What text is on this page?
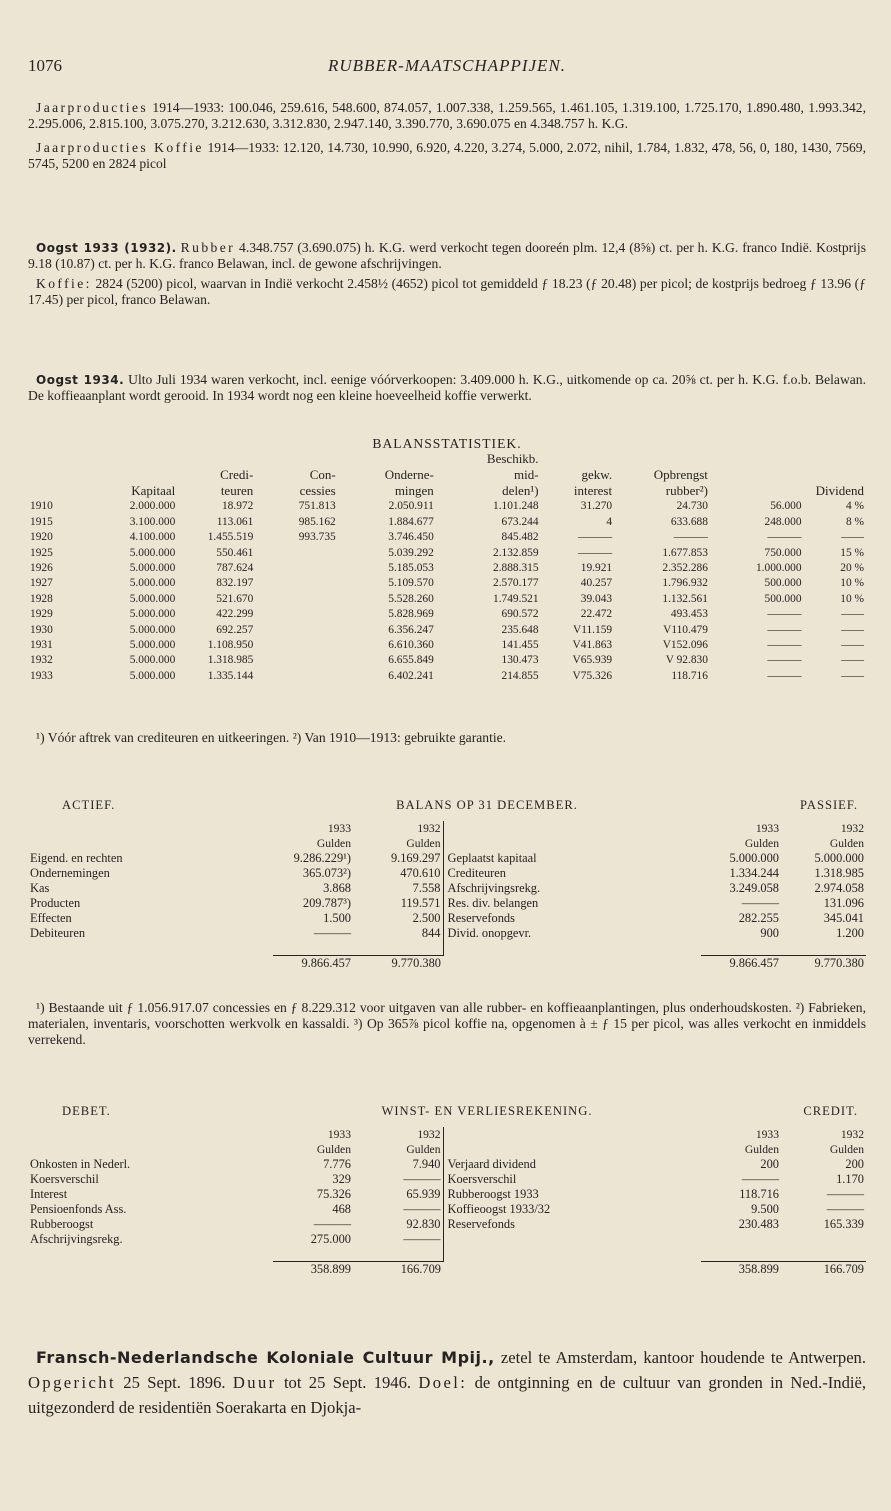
1076	RUBBER-MAATSCHAPPIJEN.

Jaarproducties 1914—1933: 100.046, 259.616, 548.600, 874.057, 1.007.338, 1.259.565, 1.461.105, 1.319.100, 1.725.170, 1.890.480, 1.993.342, 2.295.006, 2.815.100, 3.075.270, 3.212.630, 3.312.830, 2.947.140, 3.390.770, 3.690.075 en 4.348.757 h. K.G.

Jaarproducties Koffie 1914—1933: 12.120, 14.730, 10.990, 6.920, 4.220, 3.274, 5.000, 2.072, nihil, 1.784, 1.832, 478, 56, 0, 180, 1430, 7569, 5745, 5200 en 2824 picol

Oogst 1933 (1932). Rubber 4.348.757 (3.690.075) h. K.G. werd verkocht tegen dooreén plm. 12,4 (8⅝) ct. per h. K.G. franco Indië. Kostprijs 9.18 (10.87) ct. per h. K.G. franco Belawan, incl. de gewone afschrijvingen.

Koffie: 2824 (5200) picol, waarvan in Indië verkocht 2.458½ (4652) picol tot gemiddeld ƒ 18.23 (ƒ 20.48) per picol; de kostprijs bedroeg ƒ 13.96 (ƒ 17.45) per picol, franco Belawan.

Oogst 1934. Ulto Juli 1934 waren verkocht, incl. eenige vóórverkoopen: 3.409.000 h. K.G., uitkomende op ca. 20⅝ ct. per h. K.G. f.o.b. Belawan. De koffieaanplant wordt gerooid. In 1934 wordt nog een kleine hoeveelheid koffie verwerkt.

BALANSSTATISTIEK.									
					Beschikb.				
		Credi-	Con-	Onderne-	mid-	gekw.	Opbrengst		
	Kapitaal	teuren	cessies	mingen	delen¹)	interest	rubber²)	Dividend	
1910	2.000.000	18.972	751.813	2.050.911	1.101.248	31.270	24.730	56.000	4 %
1915	3.100.000	113.061	985.162	1.884.677	673.244	4	633.688	248.000	8 %
1920	4.100.000	1.455.519	993.735	3.746.450	845.482	———	———	———	——
1925	5.000.000	550.461		5.039.292	2.132.859	———	1.677.853	750.000	15 %
1926	5.000.000	787.624		5.185.053	2.888.315	19.921	2.352.286	1.000.000	20 %
1927	5.000.000	832.197		5.109.570	2.570.177	40.257	1.796.932	500.000	10 %
1928	5.000.000	521.670		5.528.260	1.749.521	39.043	1.132.561	500.000	10 %
1929	5.000.000	422.299		5.828.969	690.572	22.472	493.453	———	——
1930	5.000.000	692.257		6.356.247	235.648	V11.159	V110.479	———	——
1931	5.000.000	1.108.950		6.610.360	141.455	V41.863	V152.096	———	——
1932	5.000.000	1.318.985		6.655.849	130.473	V65.939	V 92.830	———	——
1933	5.000.000	1.335.144		6.402.241	214.855	V75.326	118.716	———	——

¹) Vóór aftrek van crediteuren en uitkeeringen. ²) Van 1910—1913: gebruikte garantie.

ACTIEF.	BALANS OP 31 DECEMBER.			PASSIEF.	

	1933	1932		1933	1932
	Gulden	Gulden		Gulden	Gulden
Eigend. en rechten	9.286.229¹)	9.169.297	Geplaatst kapitaal	5.000.000	5.000.000
Ondernemingen	365.073²)	470.610	Crediteuren	1.334.244	1.318.985
Kas	3.868	7.558	Afschrijvingsrekg.	3.249.058	2.974.058
Producten	209.787³)	119.571	Res. div. belangen	———	131.096
Effecten	1.500	2.500	Reservefonds	282.255	345.041
Debiteuren	———	844	Divid. onopgevr.	900	1.200

	9.866.457	9.770.380		9.866.457	9.770.380

¹) Bestaande uit ƒ 1.056.917.07 concessies en ƒ 8.229.312 voor uitgaven van alle rubber- en koffieaanplantingen, plus onderhoudskosten. ²) Fabrieken, materialen, inventaris, voorschotten werkvolk en kassaldi. ³) Op 365⅞ picol koffie na, opgenomen à ± ƒ 15 per picol, was alles verkocht en inmiddels verrekend.

DEBET.	WINST- EN VERLIESREKENING.			CREDIT.	

	1933	1932		1933	1932
	Gulden	Gulden		Gulden	Gulden
Onkosten in Nederl.	7.776	7.940	Verjaard dividend	200	200
Koersverschil	329	———	Koersverschil	———	1.170
Interest	75.326	65.939	Rubberoogst 1933	118.716	———
Pensioenfonds Ass.	468	———	Koffieoogst 1933/32	9.500	———
Rubberoogst	———	92.830	Reservefonds	230.483	165.339
Afschrijvingsrekg.	275.000	———			

	358.899	166.709		358.899	166.709

Fransch-Nederlandsche Koloniale Cultuur Mpij., zetel te Amsterdam, kantoor houdende te Antwerpen. Opgericht 25 Sept. 1896. Duur tot 25 Sept. 1946. Doel: de ontginning en de cultuur van gronden in Ned.-Indië, uitgezonderd de residentiën Soerakarta en Djokja-
